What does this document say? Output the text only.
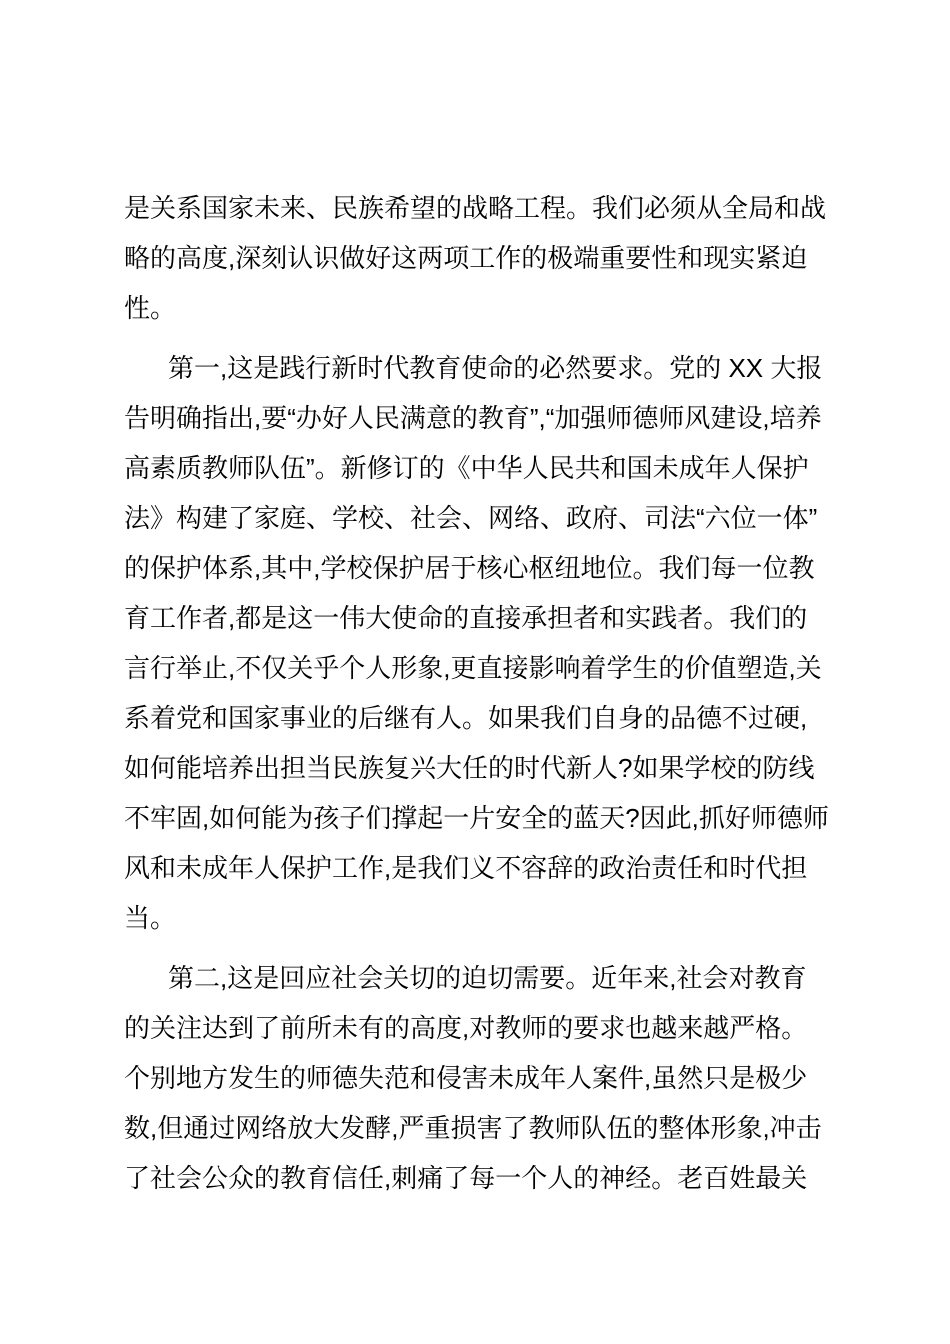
是关系国家未来、民族希望的战略工程。我们必须从全局和战
略的高度,深刻认识做好这两项工作的极端重要性和现实紧迫
性。
第一,这是践行新时代教育使命的必然要求。党的 XX 大报
告明确指出,要“办好人民满意的教育”,“加强师德师风建设,培养
高素质教师队伍”。新修订的《中华人民共和国未成年人保护
法》构建了家庭、学校、社会、网络、政府、司法“六位一体”
的保护体系,其中,学校保护居于核心枢纽地位。我们每一位教
育工作者,都是这一伟大使命的直接承担者和实践者。我们的
言行举止,不仅关乎个人形象,更直接影响着学生的价值塑造,关
系着党和国家事业的后继有人。如果我们自身的品德不过硬,
如何能培养出担当民族复兴大任的时代新人?如果学校的防线
不牢固,如何能为孩子们撑起一片安全的蓝天?因此,抓好师德师
风和未成年人保护工作,是我们义不容辞的政治责任和时代担
当。
第二,这是回应社会关切的迫切需要。近年来,社会对教育
的关注达到了前所未有的高度,对教师的要求也越来越严格。
个别地方发生的师德失范和侵害未成年人案件,虽然只是极少
数,但通过网络放大发酵,严重损害了教师队伍的整体形象,冲击
了社会公众的教育信任,刺痛了每一个人的神经。老百姓最关
